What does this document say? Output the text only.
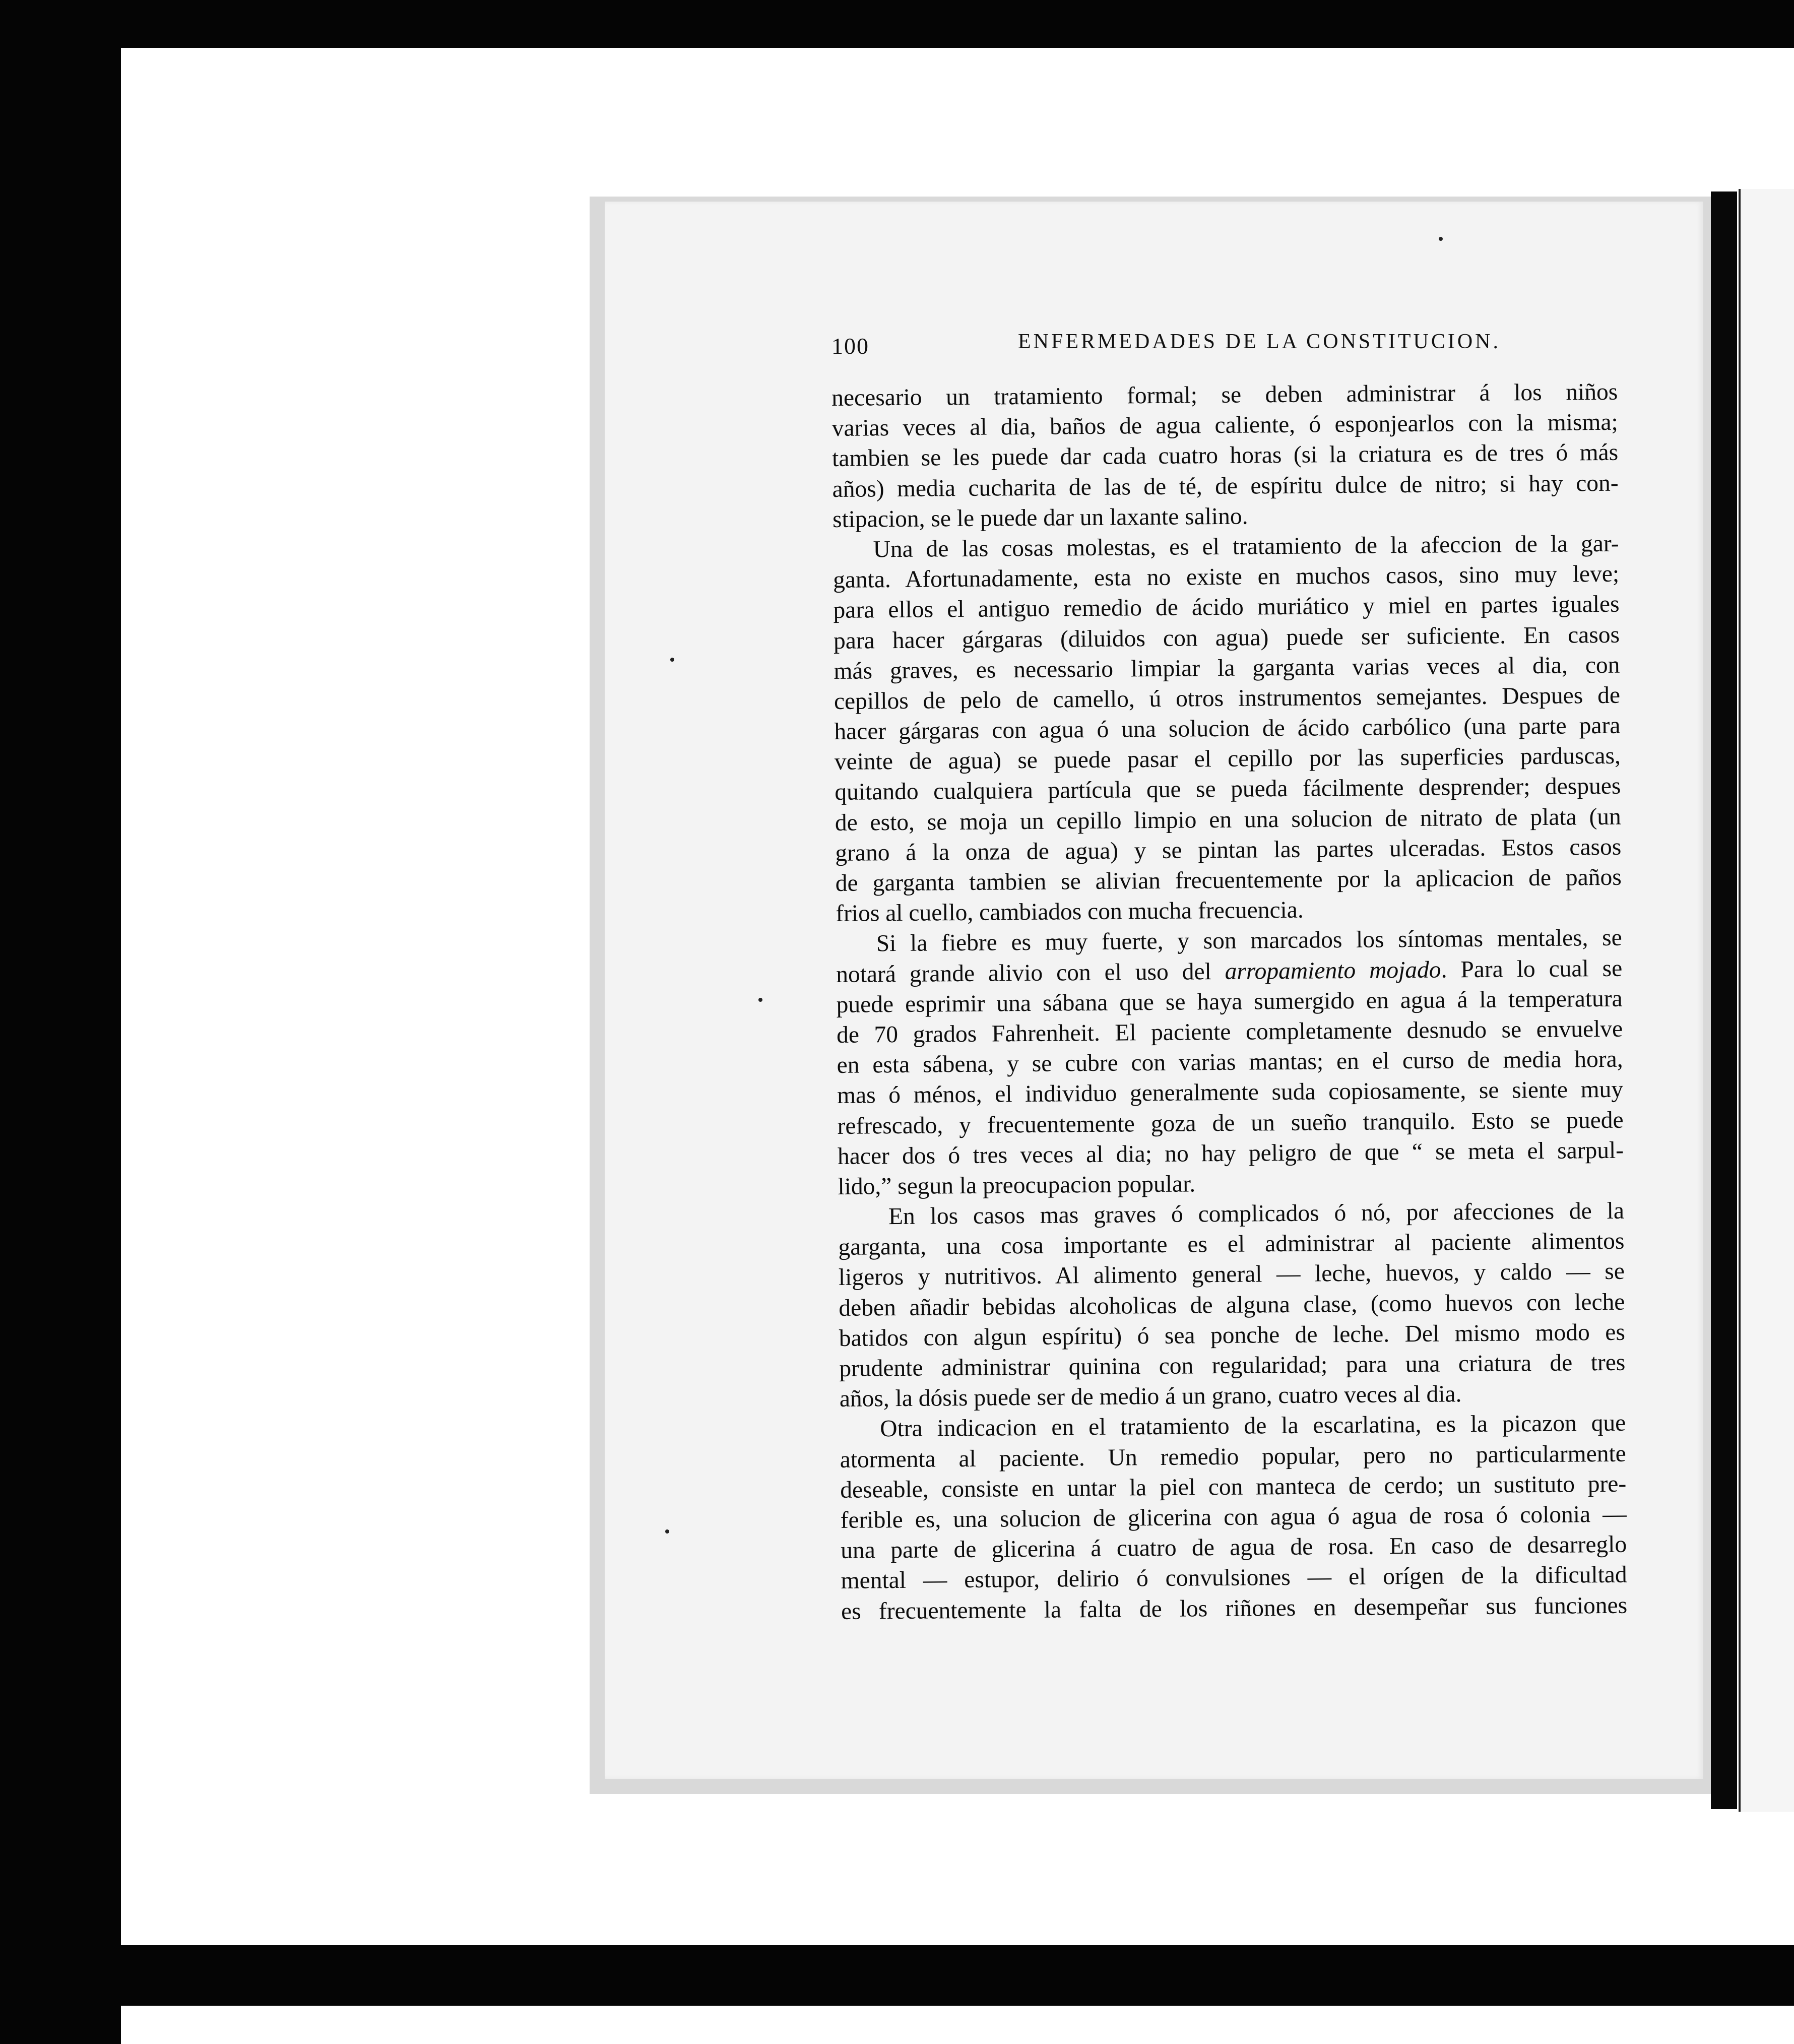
100	ENFERMEDADES DE LA CONSTITUCION.
necesario un tratamiento formal; se deben administrar á los niños
varias veces al dia, baños de agua caliente, ó esponjearlos con la misma;
tambien se les puede dar cada cuatro horas (si la criatura es de tres ó más
años) media cucharita de las de té, de espíritu dulce de nitro; si hay con-
stipacion, se le puede dar un laxante salino.
Una de las cosas molestas, es el tratamiento de la afeccion de la gar-
ganta. Afortunadamente, esta no existe en muchos casos, sino muy leve;
para ellos el antiguo remedio de ácido muriático y miel en partes iguales
para hacer gárgaras (diluidos con agua) puede ser suficiente. En casos
más graves, es necessario limpiar la garganta varias veces al dia, con
cepillos de pelo de camello, ú otros instrumentos semejantes. Despues de
hacer gárgaras con agua ó una solucion de ácido carbólico (una parte para
veinte de agua) se puede pasar el cepillo por las superficies parduscas,
quitando cualquiera partícula que se pueda fácilmente desprender; despues
de esto, se moja un cepillo limpio en una solucion de nitrato de plata (un
grano á la onza de agua) y se pintan las partes ulceradas. Estos casos
de garganta tambien se alivian frecuentemente por la aplicacion de paños
frios al cuello, cambiados con mucha frecuencia.
Si la fiebre es muy fuerte, y son marcados los síntomas mentales, se
notará grande alivio con el uso del arropamiento mojado. Para lo cual se
puede esprimir una sábana que se haya sumergido en agua á la temperatura
de 70 grados Fahrenheit. El paciente completamente desnudo se envuelve
en esta sábena, y se cubre con varias mantas; en el curso de media hora,
mas ó ménos, el individuo generalmente suda copiosamente, se siente muy
refrescado, y frecuentemente goza de un sueño tranquilo. Esto se puede
hacer dos ó tres veces al dia; no hay peligro de que “ se meta el sarpul-
lido,” segun la preocupacion popular.
En los casos mas graves ó complicados ó nó, por afecciones de la
garganta, una cosa importante es el administrar al paciente alimentos
ligeros y nutritivos. Al alimento general — leche, huevos, y caldo — se
deben añadir bebidas alcoholicas de alguna clase, (como huevos con leche
batidos con algun espíritu) ó sea ponche de leche. Del mismo modo es
prudente administrar quinina con regularidad; para una criatura de tres
años, la dósis puede ser de medio á un grano, cuatro veces al dia.
Otra indicacion en el tratamiento de la escarlatina, es la picazon que
atormenta al paciente. Un remedio popular, pero no particularmente
deseable, consiste en untar la piel con manteca de cerdo; un sustituto pre-
ferible es, una solucion de glicerina con agua ó agua de rosa ó colonia —
una parte de glicerina á cuatro de agua de rosa. En caso de desarreglo
mental — estupor, delirio ó convulsiones — el orígen de la dificultad
es frecuentemente la falta de los riñones en desempeñar sus funciones
